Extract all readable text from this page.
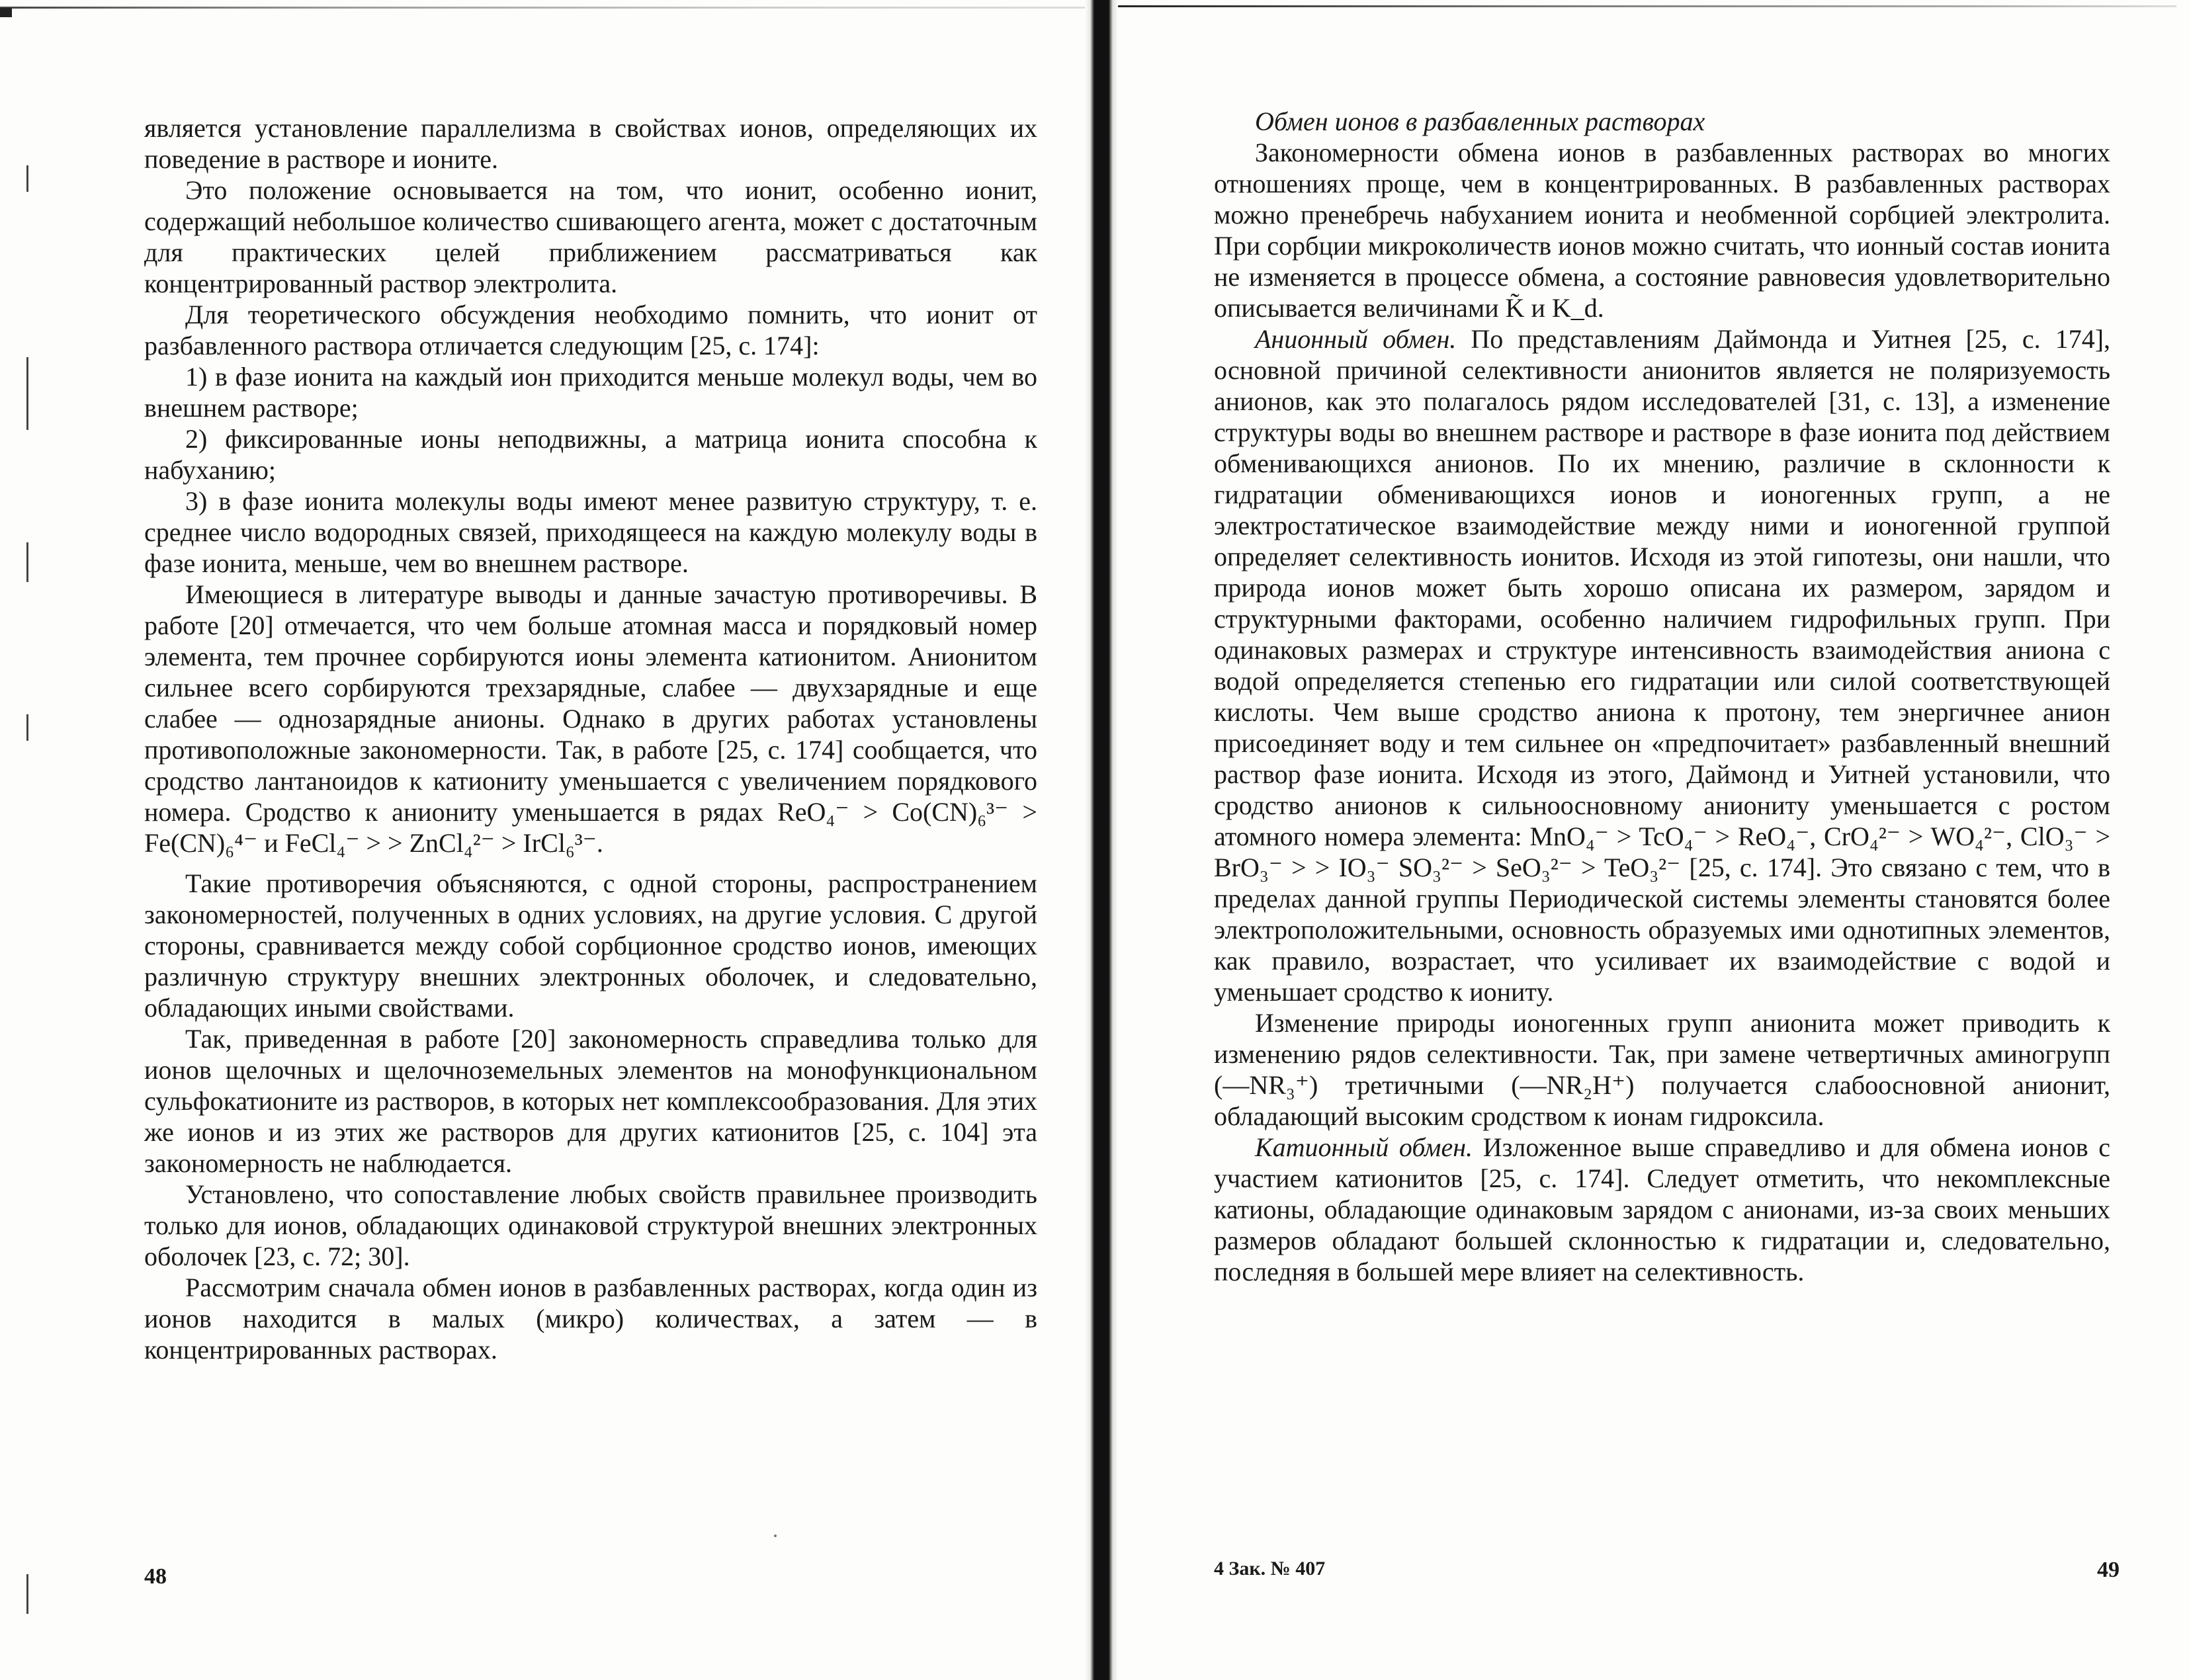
является установление параллелизма в свойствах ионов, определяющих их поведение в растворе и ионите.

Это положение основывается на том, что ионит, особенно ионит, содержащий небольшое количество сшивающего агента, может с достаточным для практических целей приближением рассматриваться как концентрированный раствор электролита.

Для теоретического обсуждения необходимо помнить, что ионит от разбавленного раствора отличается следующим [25, с. 174]:

1) в фазе ионита на каждый ион приходится меньше молекул воды, чем во внешнем растворе;

2) фиксированные ионы неподвижны, а матрица ионита способна к набуханию;

3) в фазе ионита молекулы воды имеют менее развитую структуру, т. е. среднее число водородных связей, приходящееся на каждую молекулу воды в фазе ионита, меньше, чем во внешнем растворе.

Имеющиеся в литературе выводы и данные зачастую противоречивы. В работе [20] отмечается, что чем больше атомная масса и порядковый номер элемента, тем прочнее сорбируются ионы элемента катионитом. Анионитом сильнее всего сорбируются трехзарядные, слабее — двухзарядные и еще слабее — однозарядные анионы. Однако в других работах установлены противоположные закономерности. Так, в работе [25, с. 174] сообщается, что сродство лантаноидов к катиониту уменьшается с увеличением порядкового номера. Сродство к аниониту уменьшается в рядах ReO₄⁻ > Co(CN)₆³⁻ > Fe(CN)₆⁴⁻ и FeCl₄⁻ > > ZnCl₄²⁻ > IrCl₆³⁻.

Такие противоречия объясняются, с одной стороны, распространением закономерностей, полученных в одних условиях, на другие условия. С другой стороны, сравнивается между собой сорбционное сродство ионов, имеющих различную структуру внешних электронных оболочек, и следовательно, обладающих иными свойствами.

Так, приведенная в работе [20] закономерность справедлива только для ионов щелочных и щелочноземельных элементов на монофункциональном сульфокатионите из растворов, в которых нет комплексообразования. Для этих же ионов и из этих же растворов для других катионитов [25, с. 104] эта закономерность не наблюдается.

Установлено, что сопоставление любых свойств правильнее производить только для ионов, обладающих одинаковой структурой внешних электронных оболочек [23, с. 72; 30].

Рассмотрим сначала обмен ионов в разбавленных растворах, когда один из ионов находится в малых (микро) количествах, а затем — в концентрированных растворах.

48

Обмен ионов в разбавленных растворах

Закономерности обмена ионов в разбавленных растворах во многих отношениях проще, чем в концентрированных. В разбавленных растворах можно пренебречь набуханием ионита и необменной сорбцией электролита. При сорбции микроколичеств ионов можно считать, что ионный состав ионита не изменяется в процессе обмена, а состояние равновесия удовлетворительно описывается величинами K̃ и K_d.

Анионный обмен. По представлениям Даймонда и Уитнея [25, с. 174], основной причиной селективности анионитов является не поляризуемость анионов, как это полагалось рядом исследователей [31, с. 13], а изменение структуры воды во внешнем растворе и растворе в фазе ионита под действием обменивающихся анионов. По их мнению, различие в склонности к гидратации обменивающихся ионов и ионогенных групп, а не электростатическое взаимодействие между ними и ионогенной группой определяет селективность ионитов. Исходя из этой гипотезы, они нашли, что природа ионов может быть хорошо описана их размером, зарядом и структурными факторами, особенно наличием гидрофильных групп. При одинаковых размерах и структуре интенсивность взаимодействия аниона с водой определяется степенью его гидратации или силой соответствующей кислоты. Чем выше сродство аниона к протону, тем энергичнее анион присоединяет воду и тем сильнее он «предпочитает» разбавленный внешний раствор фазе ионита. Исходя из этого, Даймонд и Уитней установили, что сродство анионов к сильноосновному аниониту уменьшается с ростом атомного номера элемента: MnO₄⁻ > TcO₄⁻ > ReO₄⁻, CrO₄²⁻ > WO₄²⁻, ClO₃⁻ > BrO₃⁻ > > IO₃⁻ SO₃²⁻ > SeO₃²⁻ > TeO₃²⁻ [25, с. 174]. Это связано с тем, что в пределах данной группы Периодической системы элементы становятся более электроположительными, основность образуемых ими однотипных элементов, как правило, возрастает, что усиливает их взаимодействие с водой и уменьшает сродство к иониту.

Изменение природы ионогенных групп анионита может приводить к изменению рядов селективности. Так, при замене четвертичных аминогрупп (—NR₃⁺) третичными (—NR₂H⁺) получается слабоосновной анионит, обладающий высоким сродством к ионам гидроксила.

Катионный обмен. Изложенное выше справедливо и для обмена ионов с участием катионитов [25, с. 174]. Следует отметить, что некомплексные катионы, обладающие одинаковым зарядом с анионами, из-за своих меньших размеров обладают большей склонностью к гидратации и, следовательно, последняя в большей мере влияет на селективность.

4 Зак. № 407	49
